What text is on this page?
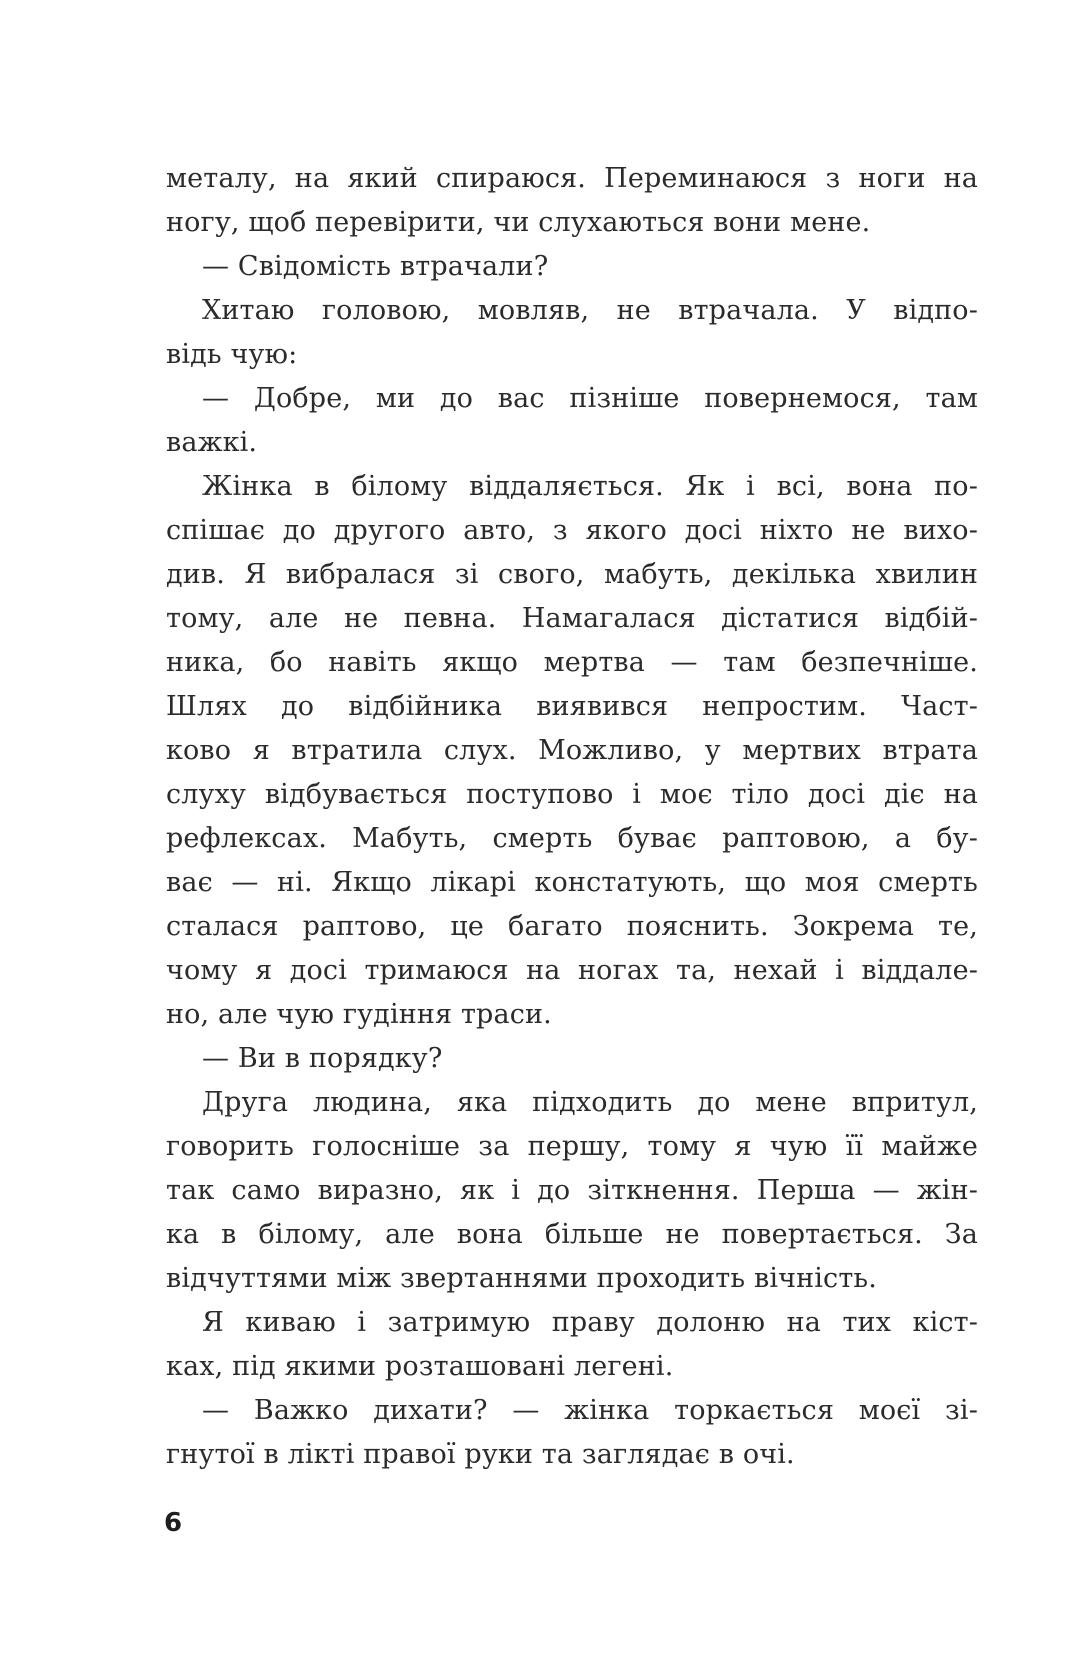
металу, на який спираюся. Переминаюся з ноги на
ногу, щоб перевірити, чи слухаються вони мене.
— Свідомість втрачали?
Хитаю головою, мовляв, не втрачала. У відпо-
відь чую:
— Добре, ми до вас пізніше повернемося, там
важкі.
Жінка в білому віддаляється. Як і всі, вона по-
спішає до другого авто, з якого досі ніхто не вихо-
див. Я вибралася зі свого, мабуть, декілька хвилин
тому, але не певна. Намагалася дістатися відбій-
ника, бо навіть якщо мертва — там безпечніше.
Шлях до відбійника виявився непростим. Част-
ково я втратила слух. Можливо, у мертвих втрата
слуху відбувається поступово і моє тіло досі діє на
рефлексах. Мабуть, смерть буває раптовою, а бу-
ває — ні. Якщо лікарі констатують, що моя смерть
сталася раптово, це багато пояснить. Зокрема те,
чому я досі тримаюся на ногах та, нехай і віддале-
но, але чую гудіння траси.
— Ви в порядку?
Друга людина, яка підходить до мене впритул,
говорить голосніше за першу, тому я чую її майже
так само виразно, як і до зіткнення. Перша — жін-
ка в білому, але вона більше не повертається. За
відчуттями між звертаннями проходить вічність.
Я киваю і затримую праву долоню на тих кіст-
ках, під якими розташовані легені.
— Важко дихати? — жінка торкається моєї зі-
гнутої в лікті правої руки та заглядає в очі.
6
